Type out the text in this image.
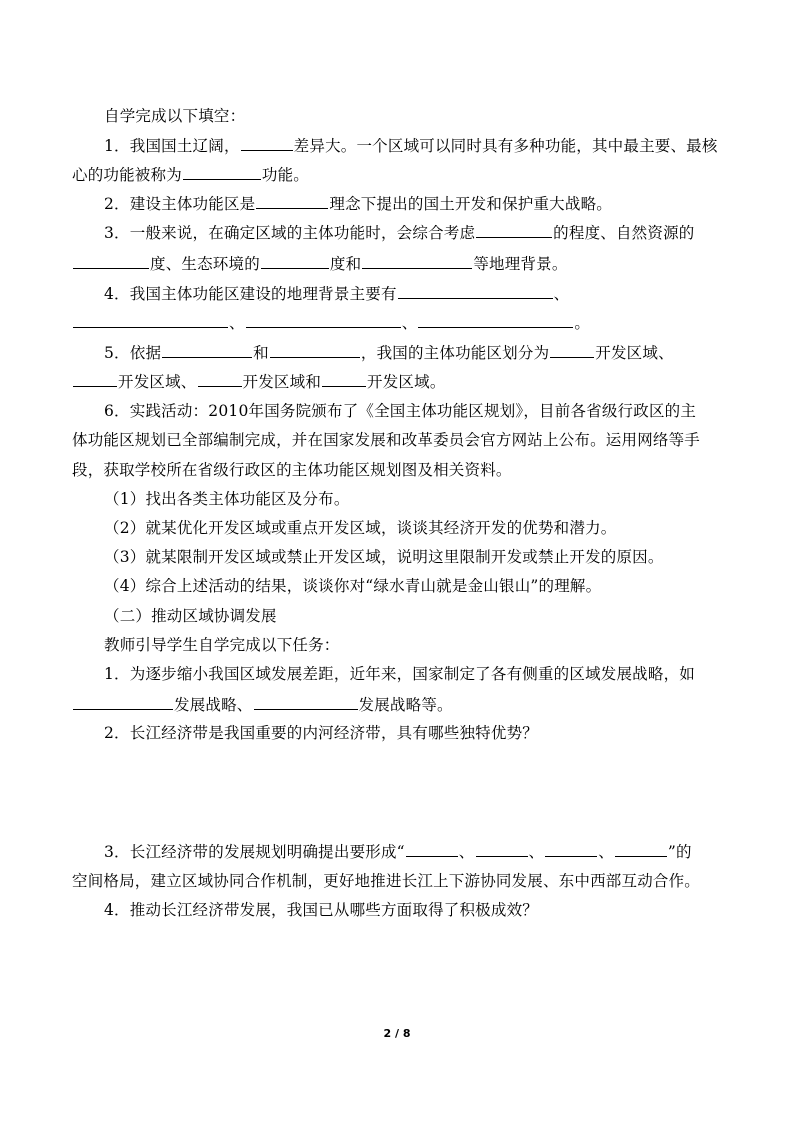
自学完成以下填空：
1．我国国土辽阔，	差异大。一个区域可以同时具有多种功能，其中最主要、最核
心的功能被称为	功能。
2．建设主体功能区是	理念下提出的国土开发和保护重大战略。
3．一般来说，在确定区域的主体功能时，会综合考虑	的程度、自然资源的
度、生态环境的	度和	等地理背景。
4．我国主体功能区建设的地理背景主要有	、
、	、	。
5．依据	和	，我国的主体功能区划分为	开发区域、
开发区域、	开发区域和	开发区域。
6．实践活动：2010年国务院颁布了《全国主体功能区规划》，目前各省级行政区的主
体功能区规划已全部编制完成，并在国家发展和改革委员会官方网站上公布。运用网络等手
段，获取学校所在省级行政区的主体功能区规划图及相关资料。
（1）找出各类主体功能区及分布。
（2）就某优化开发区域或重点开发区域，谈谈其经济开发的优势和潜力。
（3）就某限制开发区域或禁止开发区域，说明这里限制开发或禁止开发的原因。
（4）综合上述活动的结果，谈谈你对“绿水青山就是金山银山”的理解。
（二）推动区域协调发展
教师引导学生自学完成以下任务：
1．为逐步缩小我国区域发展差距，近年来，国家制定了各有侧重的区域发展战略，如
发展战略、	发展战略等。
2．长江经济带是我国重要的内河经济带，具有哪些独特优势？
3．长江经济带的发展规划明确提出要形成“	、	、	、	”的
空间格局，建立区域协同合作机制，更好地推进长江上下游协同发展、东中西部互动合作。
4．推动长江经济带发展，我国已从哪些方面取得了积极成效？
2 / 8
